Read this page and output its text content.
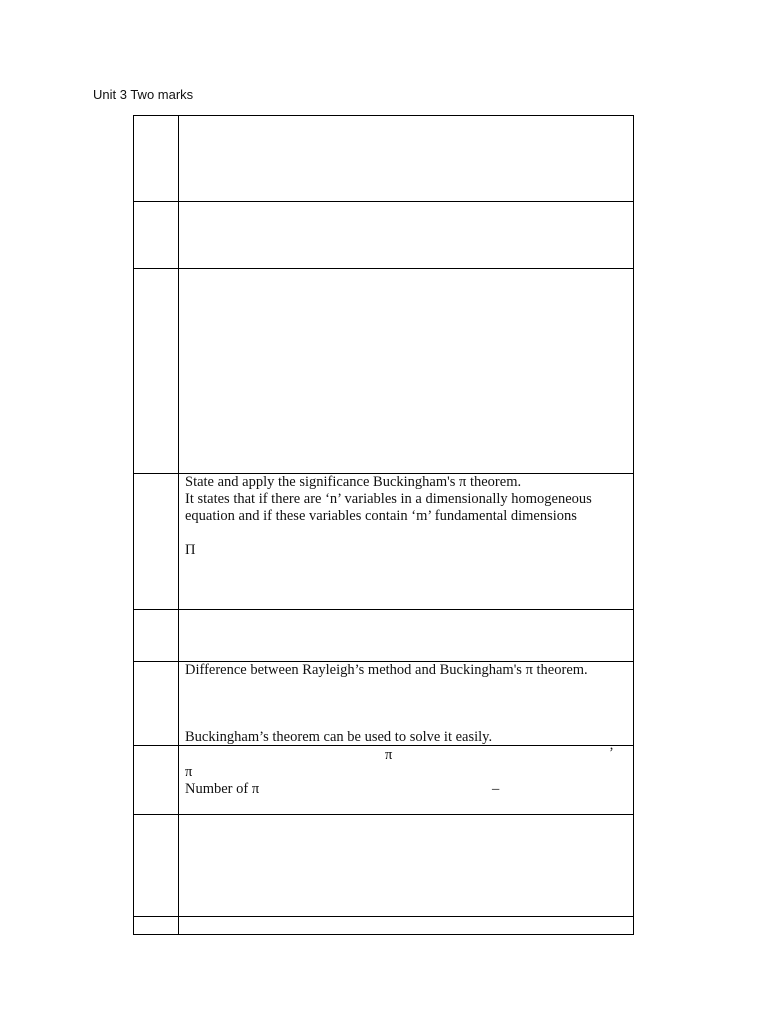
Unit 3 Two marks
State and apply the significance Buckingham's π theorem.
It states that if there are ‘n’ variables in a dimensionally homogeneous
equation and if these variables contain ‘m’ fundamental dimensions
Π
Difference between Rayleigh’s method and Buckingham's π theorem.
Buckingham’s theorem can be used to solve it easily.
π	’
π
Number of π	–
